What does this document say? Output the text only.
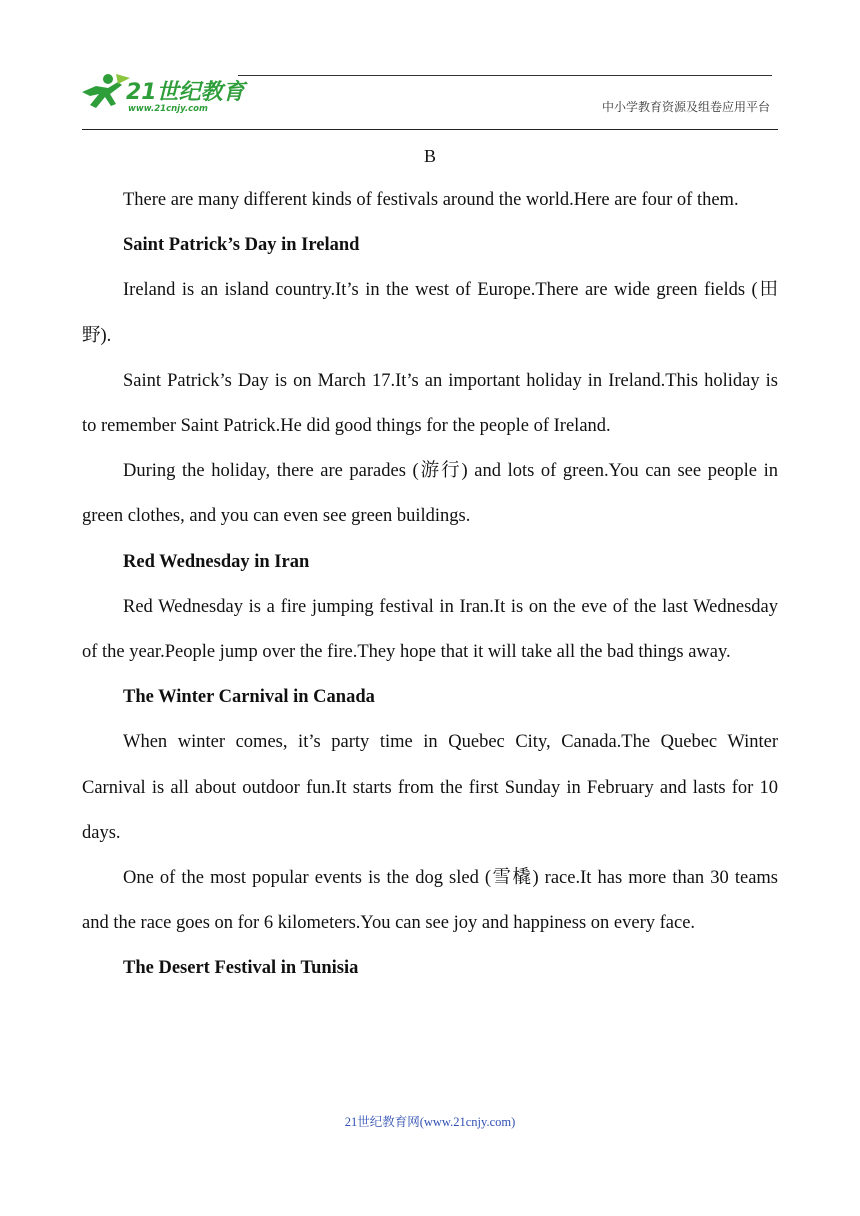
21世纪教育
www.21cnjy.com	中小学教育资源及组卷应用平台
B

There are many different kinds of festivals around the world.Here are four of them.

Saint Patrick’s Day in Ireland

Ireland is an island country.It’s in the west of Europe.There are wide green fields (田野).

Saint Patrick’s Day is on March 17.It’s an important holiday in Ireland.This holiday is to remember Saint Patrick.He did good things for the people of Ireland.

During the holiday, there are parades (游行) and lots of green.You can see people in green clothes, and you can even see green buildings.

Red Wednesday in Iran

Red Wednesday is a fire jumping festival in Iran.It is on the eve of the last Wednesday of the year.People jump over the fire.They hope that it will take all the bad things away.

The Winter Carnival in Canada

When winter comes, it’s party time in Quebec City, Canada.The Quebec Winter Carnival is all about outdoor fun.It starts from the first Sunday in February and lasts for 10 days.

One of the most popular events is the dog sled (雪橇) race.It has more than 30 teams and the race goes on for 6 kilometers.You can see joy and happiness on every face.

The Desert Festival in Tunisia

21世纪教育网(www.21cnjy.com)
